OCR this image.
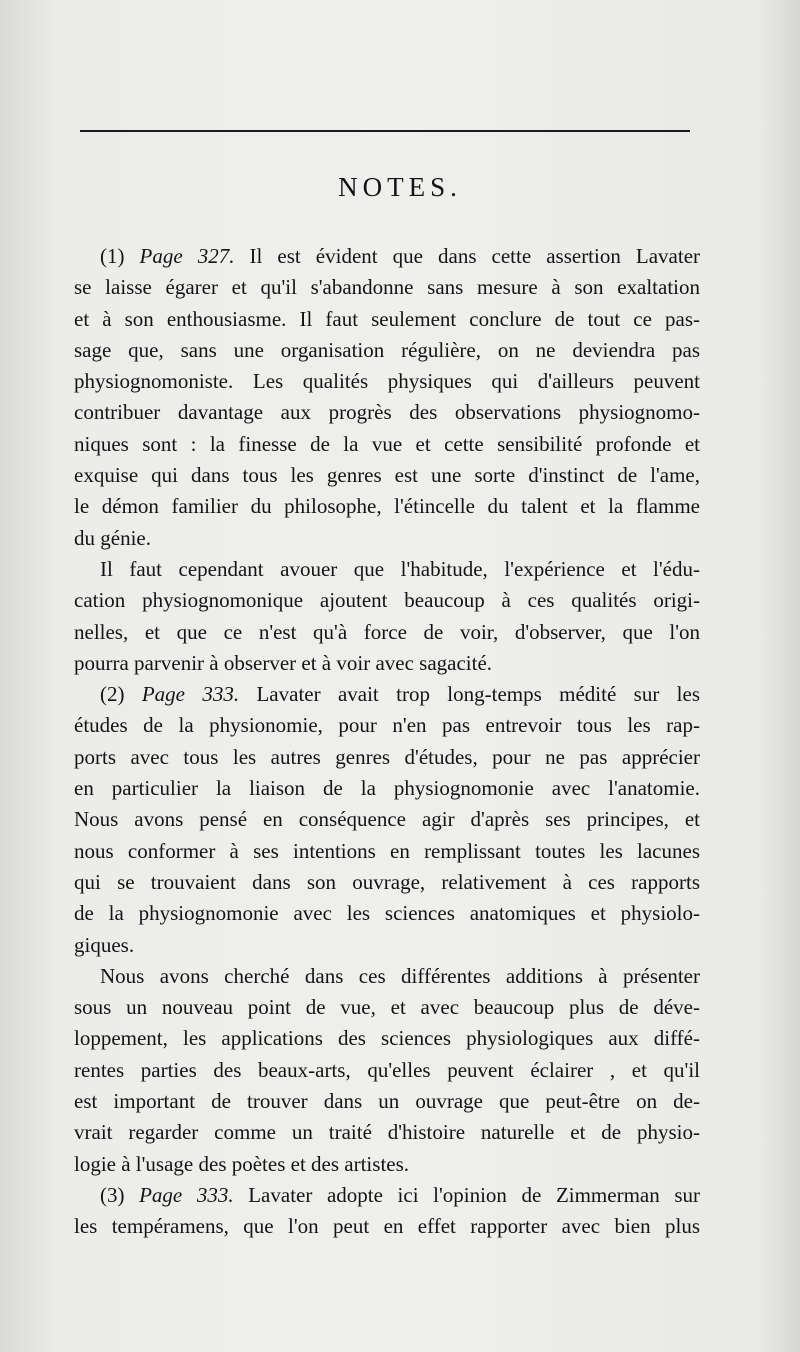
NOTES.
(1) Page 327. Il est évident que dans cette assertion Lavater
se laisse égarer et qu'il s'abandonne sans mesure à son exaltation
et à son enthousiasme. Il faut seulement conclure de tout ce pas-
sage que, sans une organisation régulière, on ne deviendra pas
physiognomoniste. Les qualités physiques qui d'ailleurs peuvent
contribuer davantage aux progrès des observations physiognomo-
niques sont : la finesse de la vue et cette sensibilité profonde et
exquise qui dans tous les genres est une sorte d'instinct de l'ame,
le démon familier du philosophe, l'étincelle du talent et la flamme
du génie.
Il faut cependant avouer que l'habitude, l'expérience et l'édu-
cation physiognomonique ajoutent beaucoup à ces qualités origi-
nelles, et que ce n'est qu'à force de voir, d'observer, que l'on
pourra parvenir à observer et à voir avec sagacité.
(2) Page 333. Lavater avait trop long-temps médité sur les
études de la physionomie, pour n'en pas entrevoir tous les rap-
ports avec tous les autres genres d'études, pour ne pas apprécier
en particulier la liaison de la physiognomonie avec l'anatomie.
Nous avons pensé en conséquence agir d'après ses principes, et
nous conformer à ses intentions en remplissant toutes les lacunes
qui se trouvaient dans son ouvrage, relativement à ces rapports
de la physiognomonie avec les sciences anatomiques et physiolo-
giques.
Nous avons cherché dans ces différentes additions à présenter
sous un nouveau point de vue, et avec beaucoup plus de déve-
loppement, les applications des sciences physiologiques aux diffé-
rentes parties des beaux-arts, qu'elles peuvent éclairer , et qu'il
est important de trouver dans un ouvrage que peut-être on de-
vrait regarder comme un traité d'histoire naturelle et de physio-
logie à l'usage des poètes et des artistes.
(3) Page 333. Lavater adopte ici l'opinion de Zimmerman sur
les tempéramens, que l'on peut en effet rapporter avec bien plus
